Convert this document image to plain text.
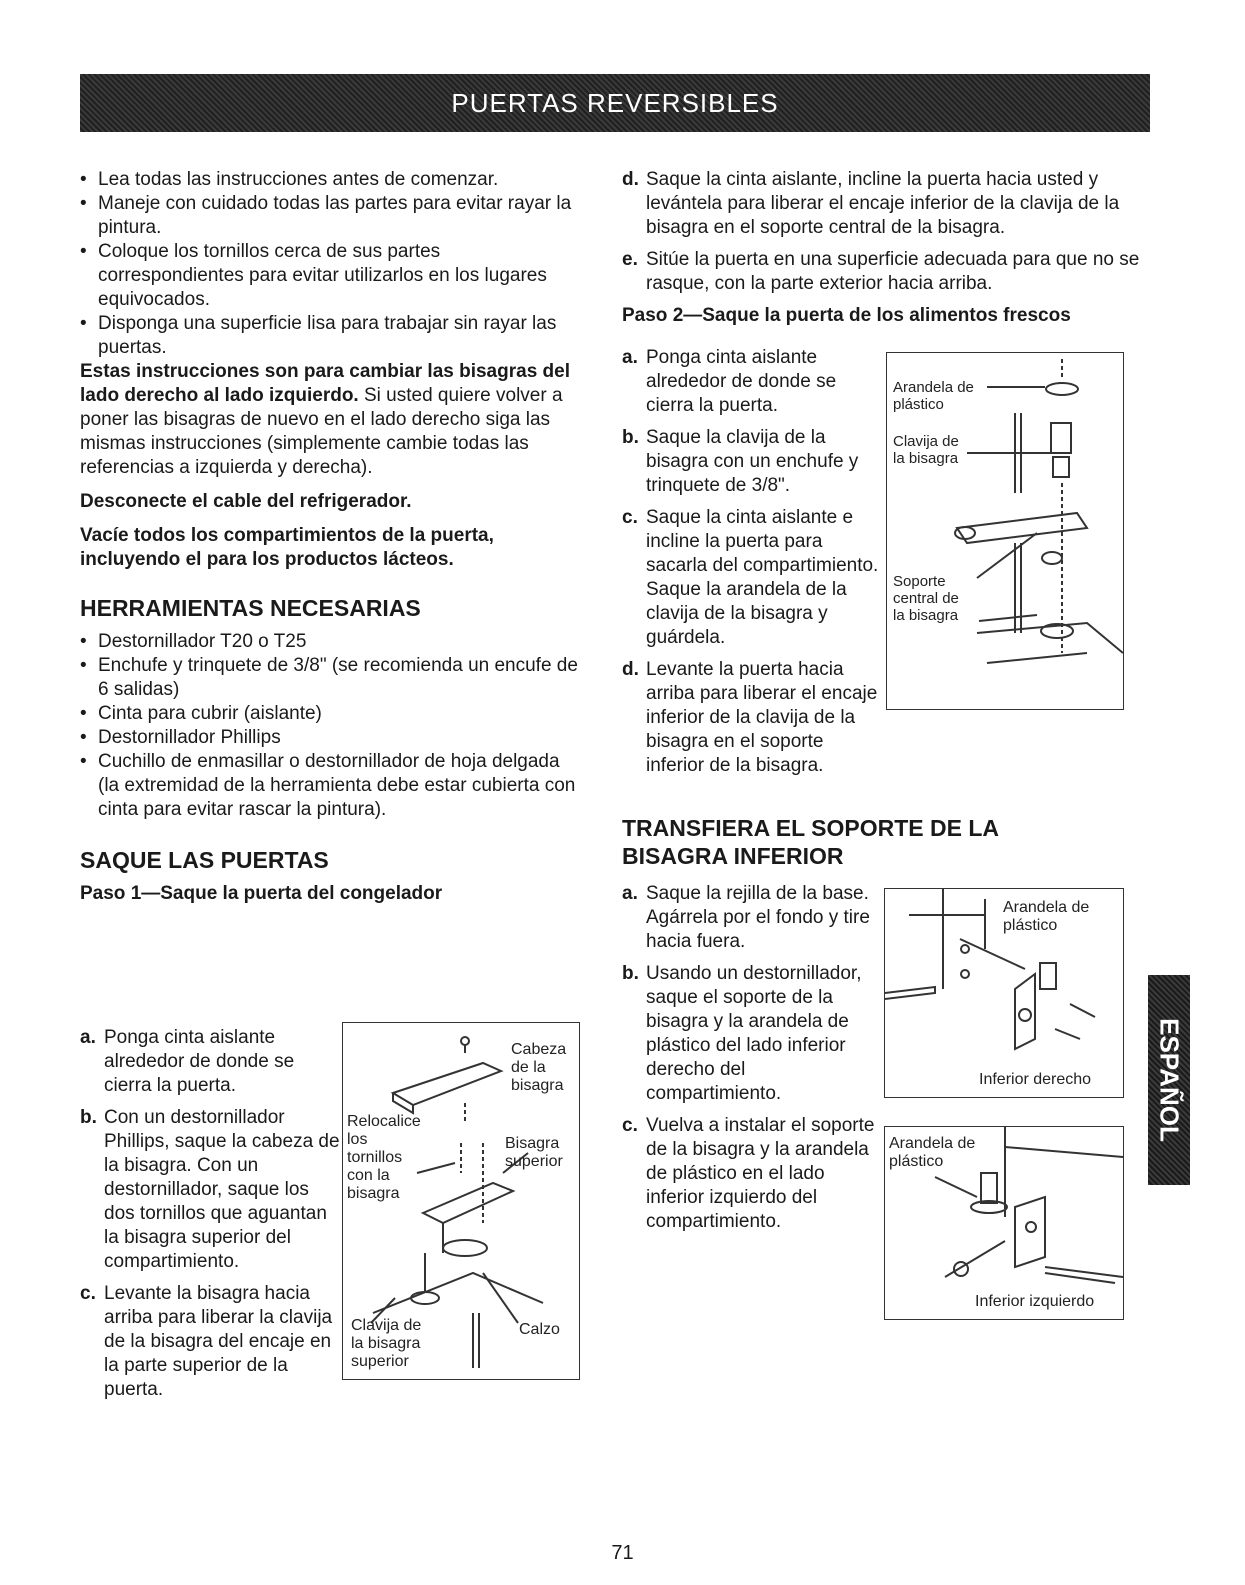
PUERTAS REVERSIBLES

• Lea todas las instrucciones antes de comenzar.

• Maneje con cuidado todas las partes para evitar rayar la pintura.

• Coloque los tornillos cerca de sus partes correspondientes para evitar utilizarlos en los lugares equivocados.

• Disponga una superficie lisa para trabajar sin rayar las puertas.

Estas instrucciones son para cambiar las bisagras del lado derecho al lado izquierdo. Si usted quiere volver a poner las bisagras de nuevo en el lado derecho siga las mismas instrucciones (simplemente cambie todas las referencias a izquierda y derecha).

Desconecte el cable del refrigerador.

Vacíe todos los compartimientos de la puerta, incluyendo el para los productos lácteos.

HERRAMIENTAS NECESARIAS

• Destornillador T20 o T25

• Enchufe y trinquete de 3/8" (se recomienda un encufe de 6 salidas)

• Cinta para cubrir (aislante)

• Destornillador Phillips

• Cuchillo de enmasillar o destornillador de hoja delgada (la extremidad de la herramienta debe estar cubierta con cinta para evitar rascar la pintura).

SAQUE LAS PUERTAS

Paso 1—Saque la puerta del congelador

a. Ponga cinta aislante alrededor de donde se cierra la puerta.
b. Con un destornillador Phillips, saque la cabeza de la bisagra. Con un destornillador, saque los dos tornillos que aguantan la bisagra superior del compartimiento.
c. Levante la bisagra hacia arriba para liberar la clavija de la bisagra del encaje en la parte superior de la puerta.
Cabeza de la bisagra
Relocalice los tornillos con la bisagra
Bisagra superior
Clavija de la bisagra superior
Calzo
d. Saque la cinta aislante, incline la puerta hacia usted y levántela para liberar el encaje inferior de la clavija de la bisagra en el soporte central de la bisagra.
e. Sitúe la puerta en una superficie adecuada para que no se rasque, con la parte exterior hacia arriba.

Paso 2—Saque la puerta de los alimentos frescos

a. Ponga cinta aislante alrededor de donde se cierra la puerta.
b. Saque la clavija de la bisagra con un enchufe y trinquete de 3/8".
c. Saque la cinta aislante e incline la puerta para sacarla del compartimiento. Saque la arandela de la clavija de la bisagra y guárdela.
d. Levante la puerta hacia arriba para liberar el encaje inferior de la clavija de la bisagra en el soporte inferior de la bisagra.
Arandela de plástico
Clavija de la bisagra
Soporte central de la bisagra
TRANSFIERA EL SOPORTE DE LA BISAGRA INFERIOR
a. Saque la rejilla de la base. Agárrela por el fondo y tire hacia fuera.
b. Usando un destornillador, saque el soporte de la bisagra y la arandela de plástico del lado inferior derecho del compartimiento.
c. Vuelva a instalar el soporte de la bisagra y la arandela de plástico en el lado inferior izquierdo del compartimiento.
Arandela de plástico
Inferior derecho
Arandela de plástico
Inferior izquierdo
ESPAÑOL
71
